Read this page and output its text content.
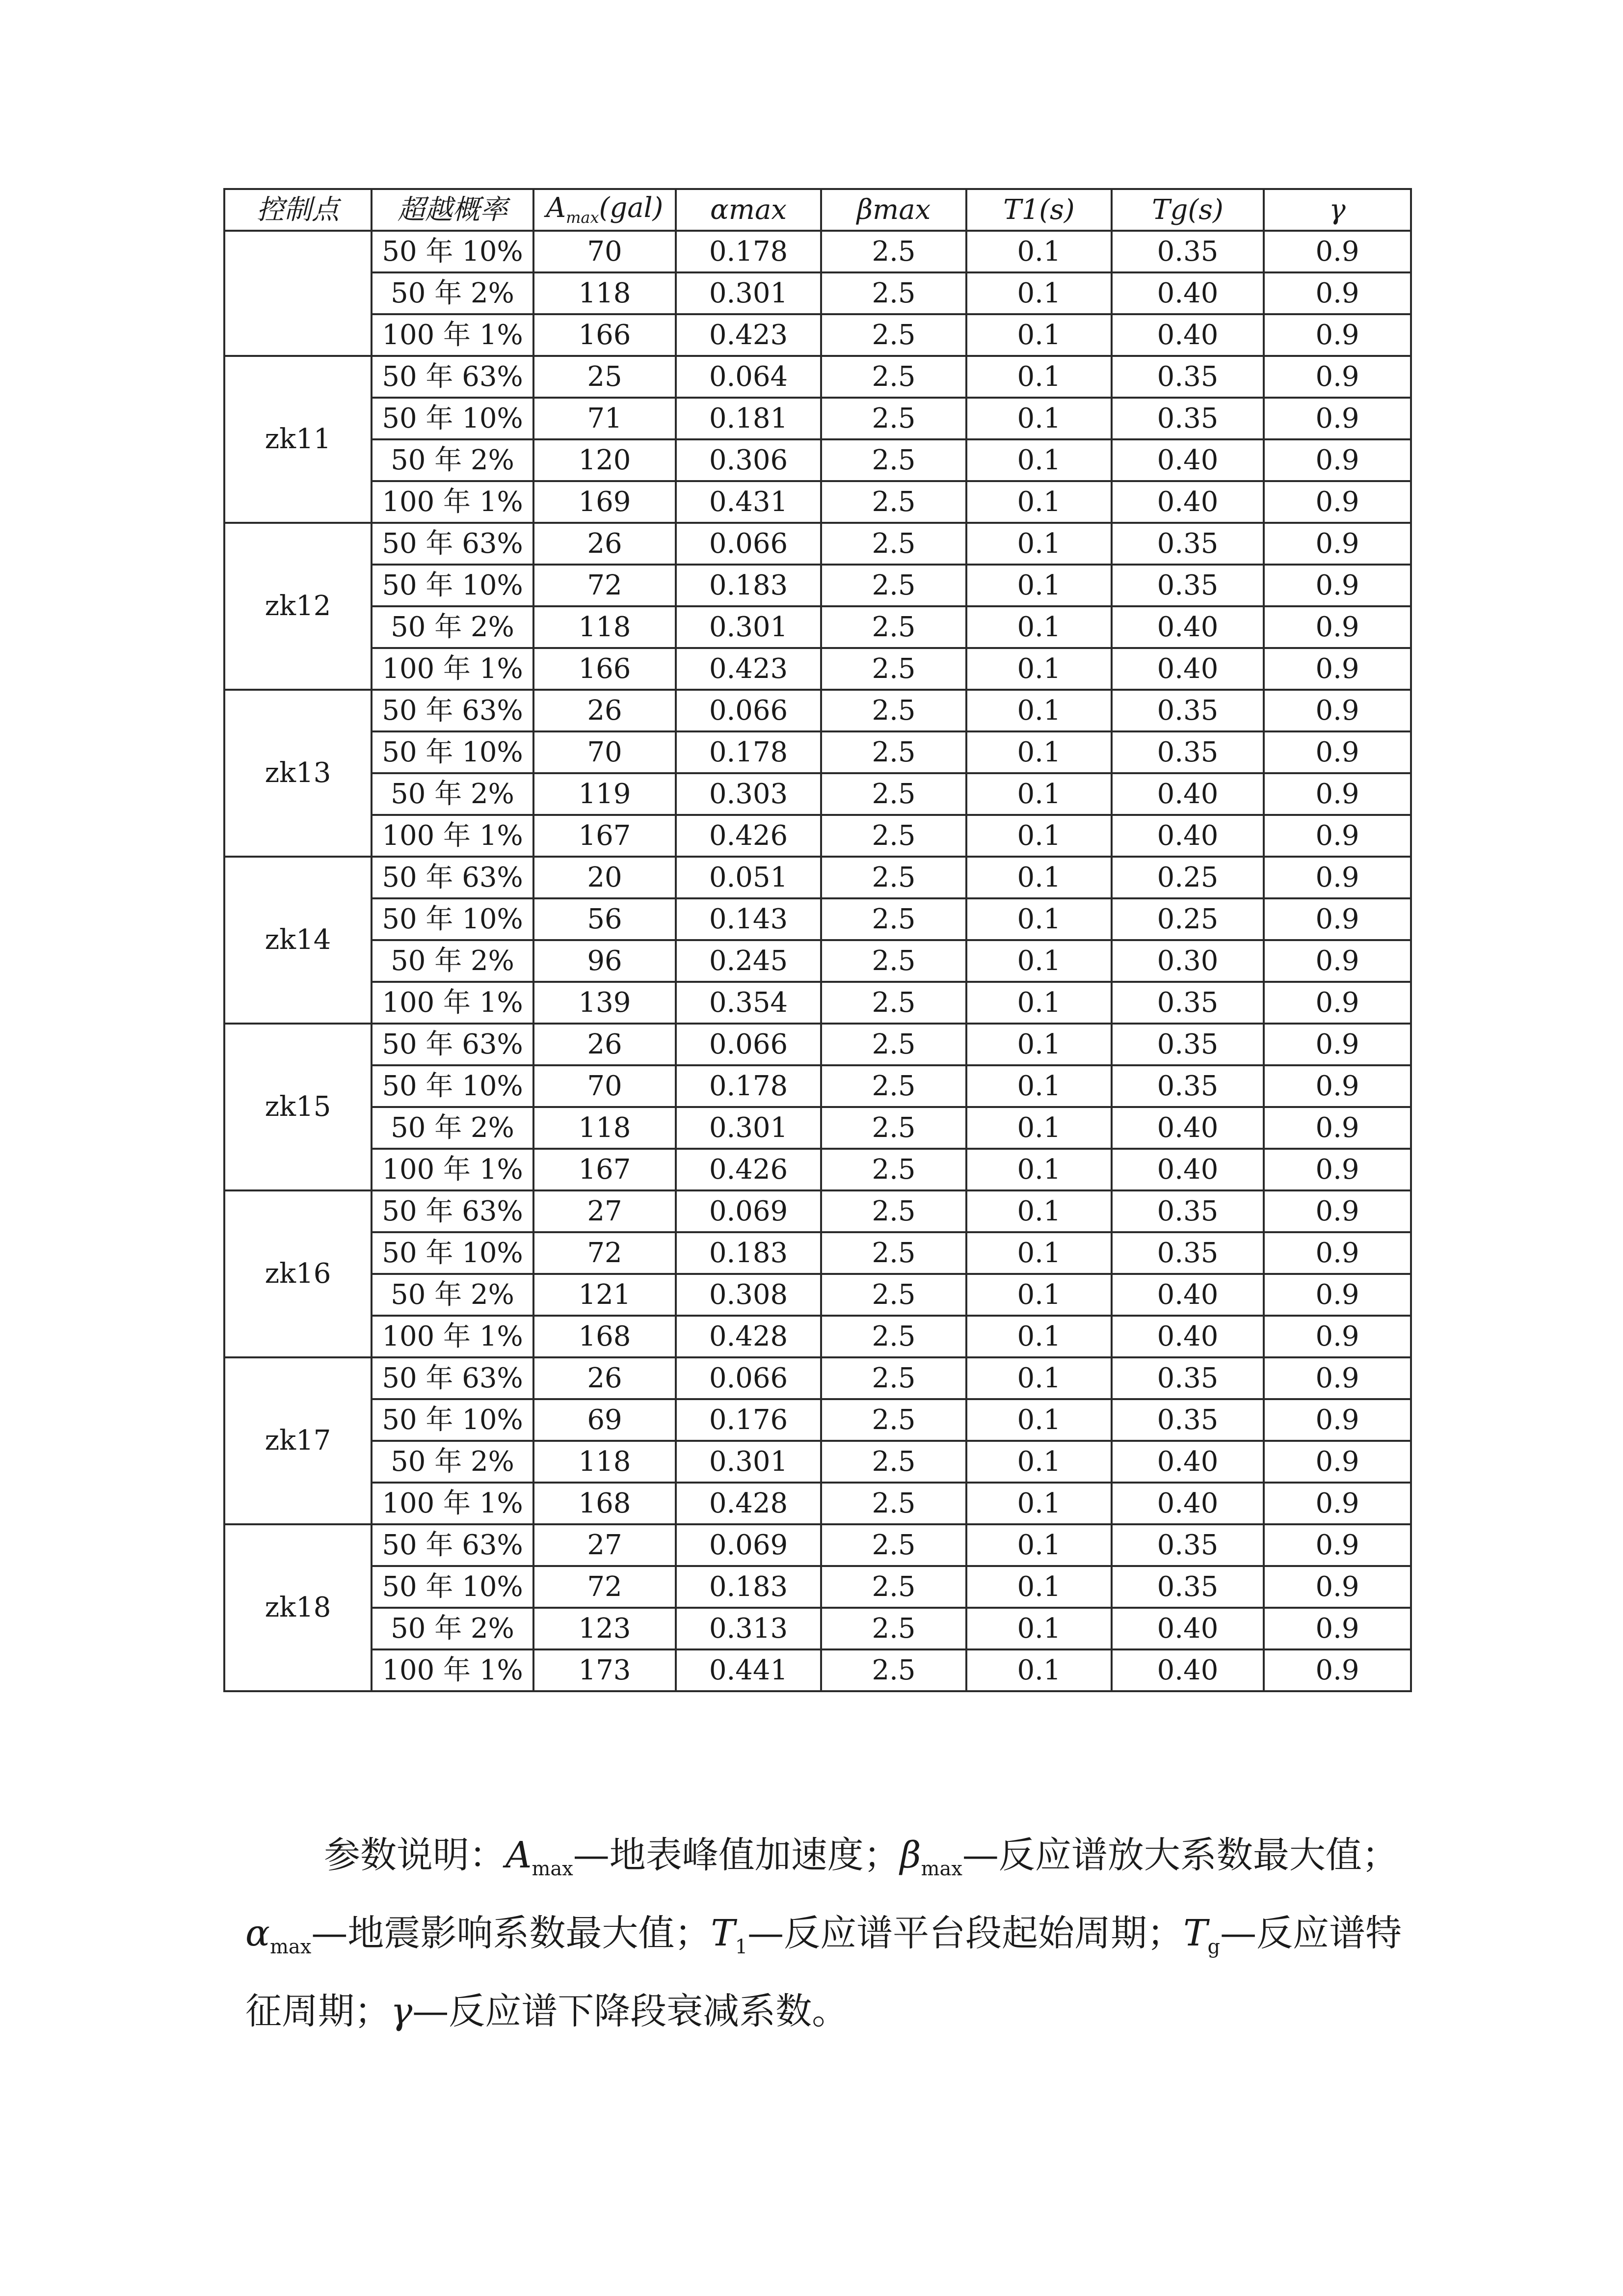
控制点	超越概率	$A_{max}(gal)$	αmax	βmax	T1(s)	Tg(s)	γ
	50 年 10%	70	0.178	2.5	0.1	0.35	0.9
	50 年 2%	118	0.301	2.5	0.1	0.40	0.9
	100 年 1%	166	0.423	2.5	0.1	0.40	0.9
zk11	50 年 63%	25	0.064	2.5	0.1	0.35	0.9
	50 年 10%	71	0.181	2.5	0.1	0.35	0.9
	50 年 2%	120	0.306	2.5	0.1	0.40	0.9
	100 年 1%	169	0.431	2.5	0.1	0.40	0.9
zk12	50 年 63%	26	0.066	2.5	0.1	0.35	0.9
	50 年 10%	72	0.183	2.5	0.1	0.35	0.9
	50 年 2%	118	0.301	2.5	0.1	0.40	0.9
	100 年 1%	166	0.423	2.5	0.1	0.40	0.9
zk13	50 年 63%	26	0.066	2.5	0.1	0.35	0.9
	50 年 10%	70	0.178	2.5	0.1	0.35	0.9
	50 年 2%	119	0.303	2.5	0.1	0.40	0.9
	100 年 1%	167	0.426	2.5	0.1	0.40	0.9
zk14	50 年 63%	20	0.051	2.5	0.1	0.25	0.9
	50 年 10%	56	0.143	2.5	0.1	0.25	0.9
	50 年 2%	96	0.245	2.5	0.1	0.30	0.9
	100 年 1%	139	0.354	2.5	0.1	0.35	0.9
zk15	50 年 63%	26	0.066	2.5	0.1	0.35	0.9
	50 年 10%	70	0.178	2.5	0.1	0.35	0.9
	50 年 2%	118	0.301	2.5	0.1	0.40	0.9
	100 年 1%	167	0.426	2.5	0.1	0.40	0.9
zk16	50 年 63%	27	0.069	2.5	0.1	0.35	0.9
	50 年 10%	72	0.183	2.5	0.1	0.35	0.9
	50 年 2%	121	0.308	2.5	0.1	0.40	0.9
	100 年 1%	168	0.428	2.5	0.1	0.40	0.9
zk17	50 年 63%	26	0.066	2.5	0.1	0.35	0.9
	50 年 10%	69	0.176	2.5	0.1	0.35	0.9
	50 年 2%	118	0.301	2.5	0.1	0.40	0.9
	100 年 1%	168	0.428	2.5	0.1	0.40	0.9
zk18	50 年 63%	27	0.069	2.5	0.1	0.35	0.9
	50 年 10%	72	0.183	2.5	0.1	0.35	0.9
	50 年 2%	123	0.313	2.5	0.1	0.40	0.9
	100 年 1%	173	0.441	2.5	0.1	0.40	0.9

参数说明：$A_{max}—$地表峰值加速度；$\beta_{max}—$反应谱放大系数最大值；$\alpha_{max}—$地震影响系数最大值；$T_1—$反应谱平台段起始周期；$T_g—$反应谱特征周期；γ—反应谱下降段衰减系数。
